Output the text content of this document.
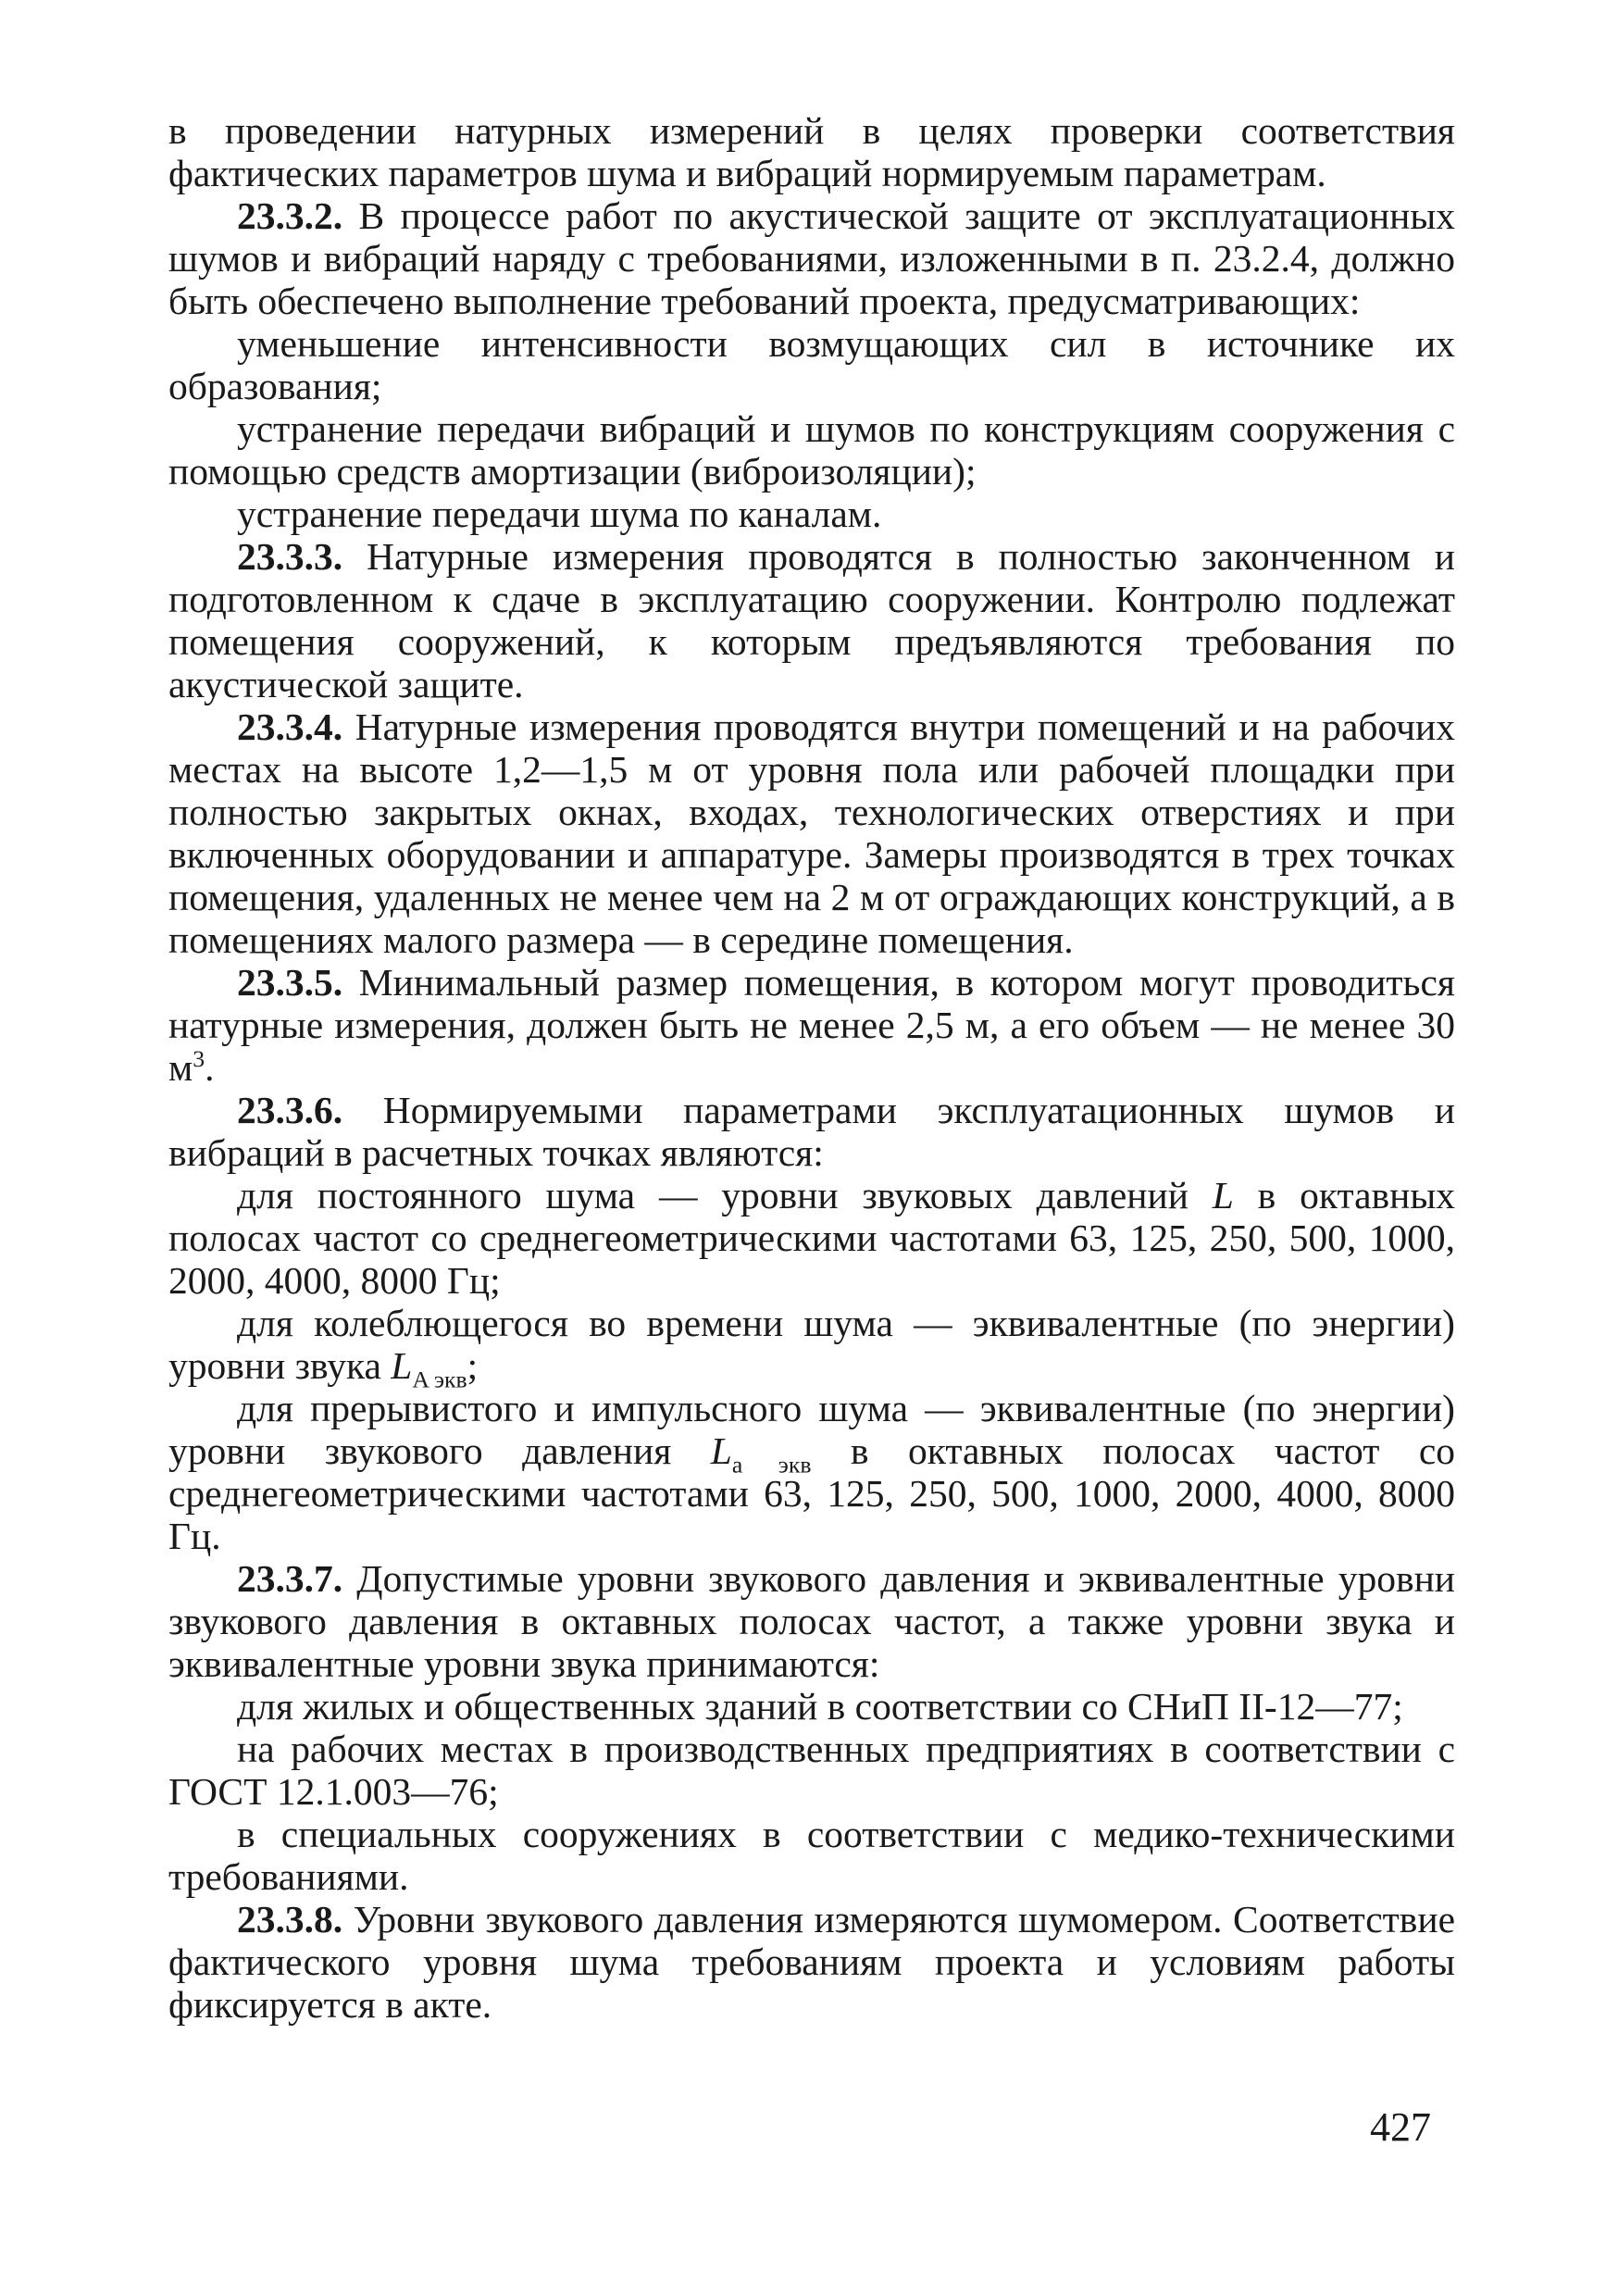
в проведении натурных измерений в целях проверки соответствия фактических параметров шума и вибраций нормируемым параметрам.

23.3.2. В процессе работ по акустической защите от эксплуатационных шумов и вибраций наряду с требованиями, изложенными в п. 23.2.4, должно быть обеспечено выполнение требований проекта, предусматривающих:

уменьшение интенсивности возмущающих сил в источнике их образования;

устранение передачи вибраций и шумов по конструкциям сооружения с помощью средств амортизации (виброизоляции);

устранение передачи шума по каналам.

23.3.3. Натурные измерения проводятся в полностью законченном и подготовленном к сдаче в эксплуатацию сооружении. Контролю подлежат помещения сооружений, к которым предъявляются требования по акустической защите.

23.3.4. Натурные измерения проводятся внутри помещений и на рабочих местах на высоте 1,2—1,5 м от уровня пола или рабочей площадки при полностью закрытых окнах, входах, технологических отверстиях и при включенных оборудовании и аппаратуре. Замеры производятся в трех точках помещения, удаленных не менее чем на 2 м от ограждающих конструкций, а в помещениях малого размера — в середине помещения.

23.3.5. Минимальный размер помещения, в котором могут проводиться натурные измерения, должен быть не менее 2,5 м, а его объем — не менее 30 $м^3$.

23.3.6. Нормируемыми параметрами эксплуатационных шумов и вибраций в расчетных точках являются:

для постоянного шума — уровни звуковых давлений L в октавных полосах частот со среднегеометрическими частотами 63, 125, 250, 500, 1000, 2000, 4000, 8000 Гц;

для колеблющегося во времени шума — эквивалентные (по энергии) уровни звука $L_{A экв}$;

для прерывистого и импульсного шума — эквивалентные (по энергии) уровни звукового давления $L_{a экв}$ в октавных полосах частот со среднегеометрическими частотами 63, 125, 250, 500, 1000, 2000, 4000, 8000 Гц.

23.3.7. Допустимые уровни звукового давления и эквивалентные уровни звукового давления в октавных полосах частот, а также уровни звука и эквивалентные уровни звука принимаются:

для жилых и общественных зданий в соответствии со СНиП II-12—77;

на рабочих местах в производственных предприятиях в соответствии с ГОСТ 12.1.003—76;

в специальных сооружениях в соответствии с медико-техническими требованиями.

23.3.8. Уровни звукового давления измеряются шумомером. Соответствие фактического уровня шума требованиям проекта и условиям работы фиксируется в акте.

427
